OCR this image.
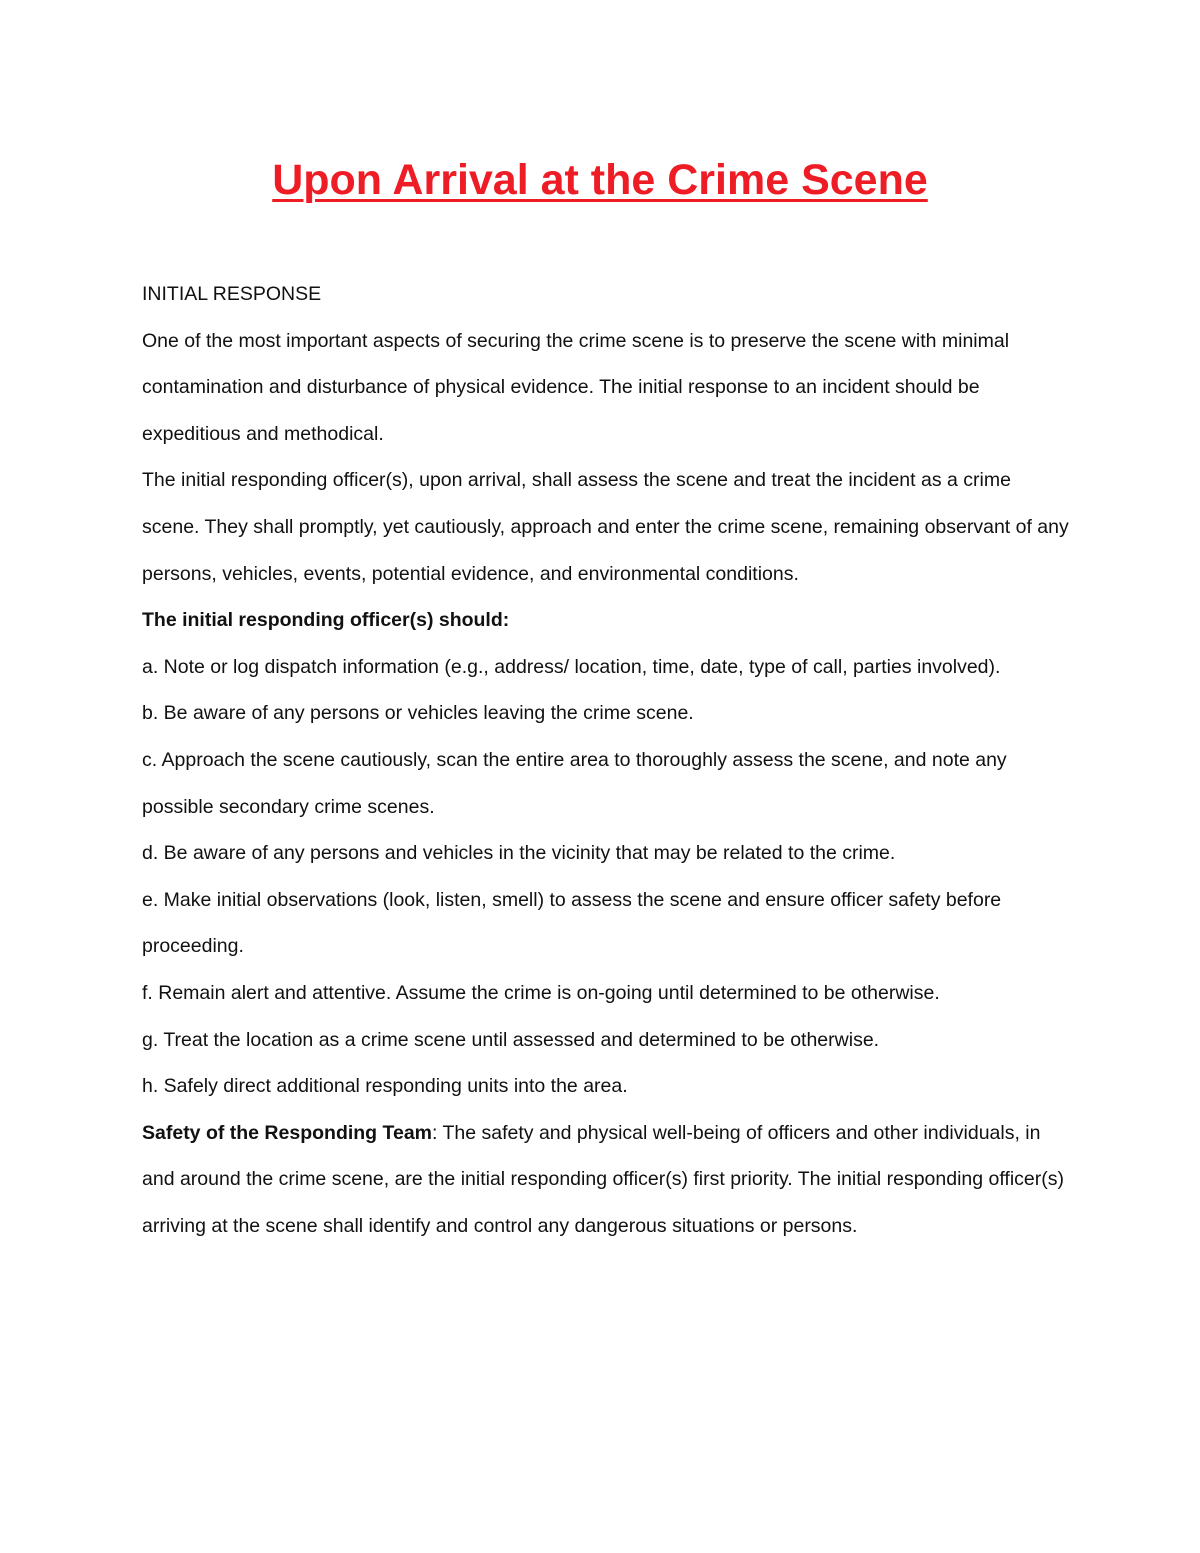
Upon Arrival at the Crime Scene

INITIAL RESPONSE

One of the most important aspects of securing the crime scene is to preserve the scene with minimal contamination and disturbance of physical evidence. The initial response to an incident should be expeditious and methodical.

The initial responding officer(s), upon arrival, shall assess the scene and treat the incident as a crime scene. They shall promptly, yet cautiously, approach and enter the crime scene, remaining observant of any persons, vehicles, events, potential evidence, and environmental conditions.

The initial responding officer(s) should:

a. Note or log dispatch information (e.g., address/ location, time, date, type of call, parties involved).

b. Be aware of any persons or vehicles leaving the crime scene.

c. Approach the scene cautiously, scan the entire area to thoroughly assess the scene, and note any possible secondary crime scenes.

d. Be aware of any persons and vehicles in the vicinity that may be related to the crime.

e. Make initial observations (look, listen, smell) to assess the scene and ensure officer safety before proceeding.

f. Remain alert and attentive. Assume the crime is on-going until determined to be otherwise.

g. Treat the location as a crime scene until assessed and determined to be otherwise.

h. Safely direct additional responding units into the area.

Safety of the Responding Team: The safety and physical well-being of officers and other individuals, in and around the crime scene, are the initial responding officer(s) first priority. The initial responding officer(s) arriving at the scene shall identify and control any dangerous situations or persons.
